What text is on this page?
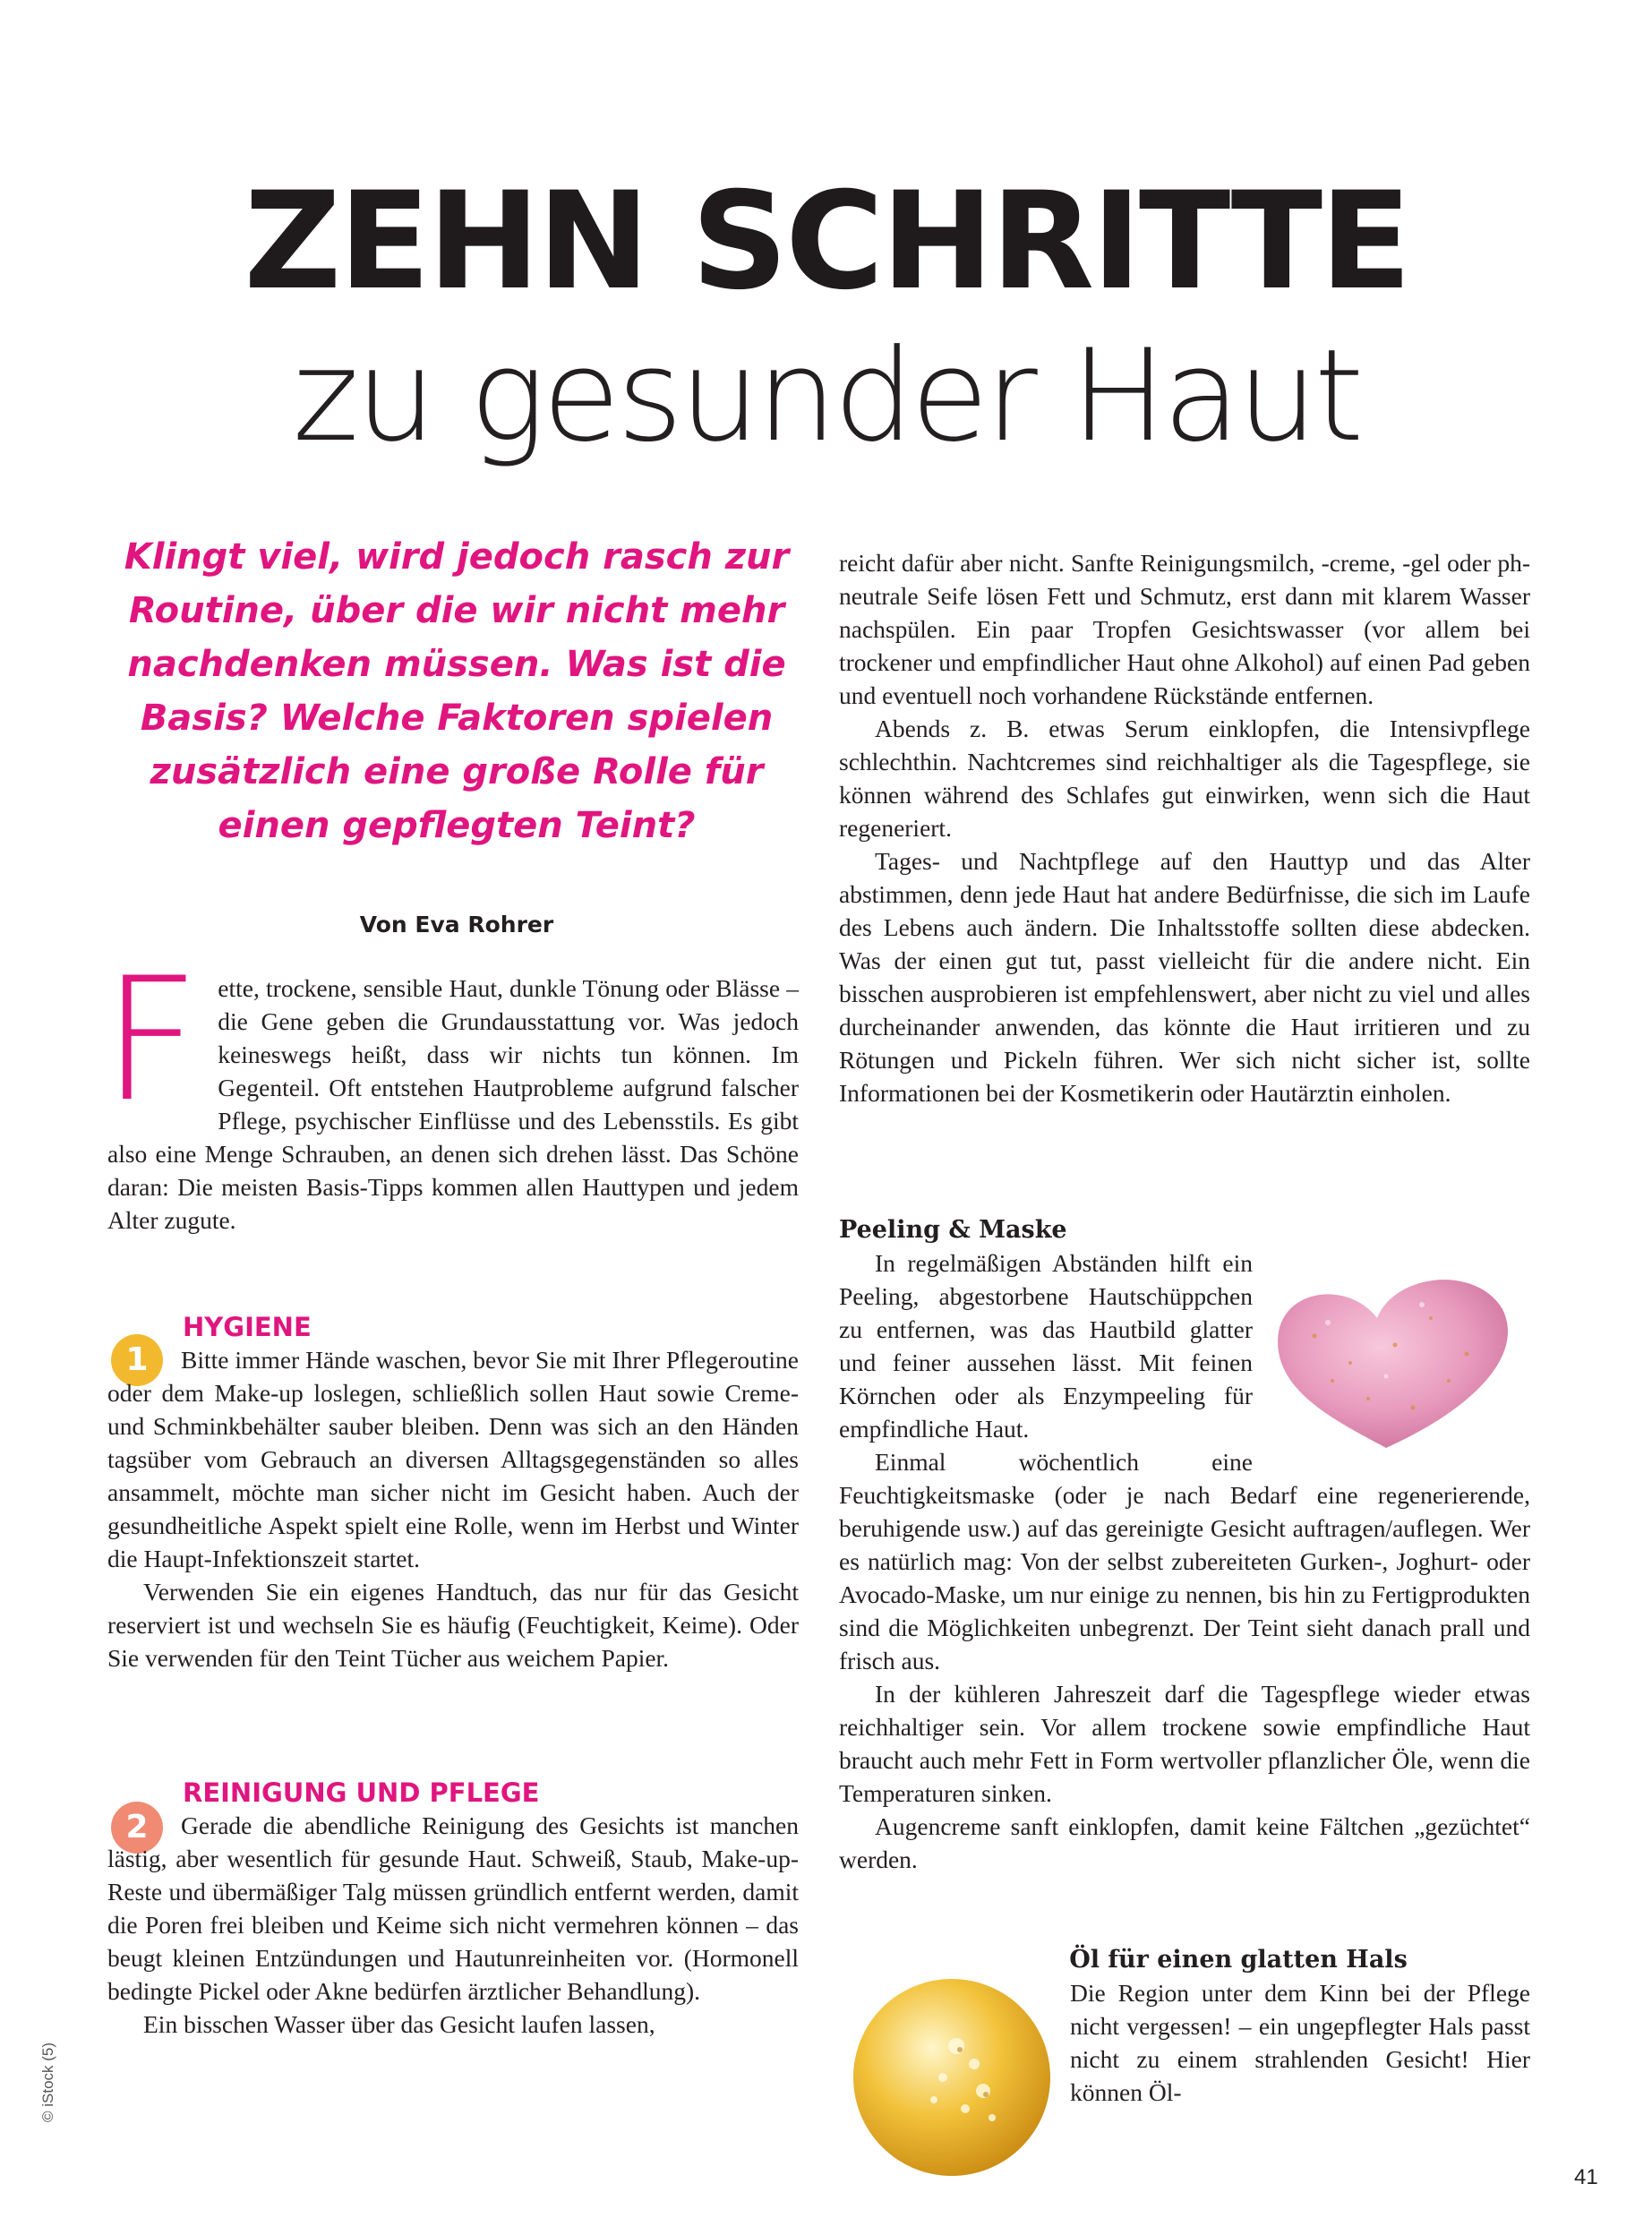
ZEHN SCHRITTE
zu gesunder Haut

Klingt viel, wird jedoch rasch zur Routine, über die wir nicht mehr nachdenken müssen. Was ist die Basis? Welche Faktoren spielen zusätzlich eine große Rolle für einen gepflegten Teint?

Von Eva Rohrer

F ette, trockene, sensible Haut, dunkle Tönung oder Blässe – die Gene geben die Grundausstattung vor. Was jedoch keineswegs heißt, dass wir nichts tun können. Im Gegenteil. Oft entstehen Hautprobleme aufgrund falscher Pflege, psychischer Einflüsse und des Lebensstils. Es gibt also eine Menge Schrauben, an denen sich drehen lässt. Das Schöne daran: Die meisten Basis-Tipps kommen allen Hauttypen und jedem Alter zugute.

1

HYGIENE

Bitte immer Hände waschen, bevor Sie mit Ihrer Pflegeroutine oder dem Make-up loslegen, schließlich sollen Haut sowie Creme- und Schminkbehälter sauber bleiben. Denn was sich an den Händen tagsüber vom Gebrauch an diversen Alltagsgegenständen so alles ansammelt, möchte man sicher nicht im Gesicht haben. Auch der gesundheitliche Aspekt spielt eine Rolle, wenn im Herbst und Winter die Haupt-Infektionszeit startet.

Verwenden Sie ein eigenes Handtuch, das nur für das Gesicht reserviert ist und wechseln Sie es häufig (Feuchtigkeit, Keime). Oder Sie verwenden für den Teint Tücher aus weichem Papier.

2

REINIGUNG UND PFLEGE

Gerade die abendliche Reinigung des Gesichts ist manchen lästig, aber wesentlich für gesunde Haut. Schweiß, Staub, Make-up-Reste und übermäßiger Talg müssen gründlich entfernt werden, damit die Poren frei bleiben und Keime sich nicht vermehren können – das beugt kleinen Entzündungen und Hautunreinheiten vor. (Hormonell bedingte Pickel oder Akne bedürfen ärztlicher Behandlung).

Ein bisschen Wasser über das Gesicht laufen lassen,

reicht dafür aber nicht. Sanfte Reinigungsmilch, -creme, -gel oder ph-neutrale Seife lösen Fett und Schmutz, erst dann mit klarem Wasser nachspülen. Ein paar Tropfen Gesichtswasser (vor allem bei trockener und empfindlicher Haut ohne Alkohol) auf einen Pad geben und eventuell noch vorhandene Rückstände entfernen.

Abends z. B. etwas Serum einklopfen, die Intensivpflege schlechthin. Nachtcremes sind reichhaltiger als die Tagespflege, sie können während des Schlafes gut einwirken, wenn sich die Haut regeneriert.

Tages- und Nachtpflege auf den Hauttyp und das Alter abstimmen, denn jede Haut hat andere Bedürfnisse, die sich im Laufe des Lebens auch ändern. Die Inhaltsstoffe sollten diese abdecken. Was der einen gut tut, passt vielleicht für die andere nicht. Ein bisschen ausprobieren ist empfehlenswert, aber nicht zu viel und alles durcheinander anwenden, das könnte die Haut irritieren und zu Rötungen und Pickeln führen. Wer sich nicht sicher ist, sollte Informationen bei der Kosmetikerin oder Hautärztin einholen.

Peeling & Maske

In regelmäßigen Abständen hilft ein Peeling, abgestorbene Hautschüppchen zu entfernen, was das Hautbild glatter und feiner aussehen lässt. Mit feinen Körnchen oder als Enzympeeling für empfindliche Haut.

Einmal wöchentlich eine Feuchtigkeitsmaske (oder je nach Bedarf eine regenerierende, beruhigende usw.) auf das gereinigte Gesicht auftragen/auflegen. Wer es natürlich mag: Von der selbst zubereiteten Gurken-, Joghurt- oder Avocado-Maske, um nur einige zu nennen, bis hin zu Fertigprodukten sind die Möglichkeiten unbegrenzt. Der Teint sieht danach prall und frisch aus.

In der kühleren Jahreszeit darf die Tagespflege wieder etwas reichhaltiger sein. Vor allem trockene sowie empfindliche Haut braucht auch mehr Fett in Form wertvoller pflanzlicher Öle, wenn die Temperaturen sinken.

Augencreme sanft einklopfen, damit keine Fältchen „gezüchtet“ werden.

Öl für einen glatten Hals

Die Region unter dem Kinn bei der Pflege nicht vergessen! – ein ungepflegter Hals passt nicht zu einem strahlenden Gesicht! Hier können Öl-

© iStock (5)
41
